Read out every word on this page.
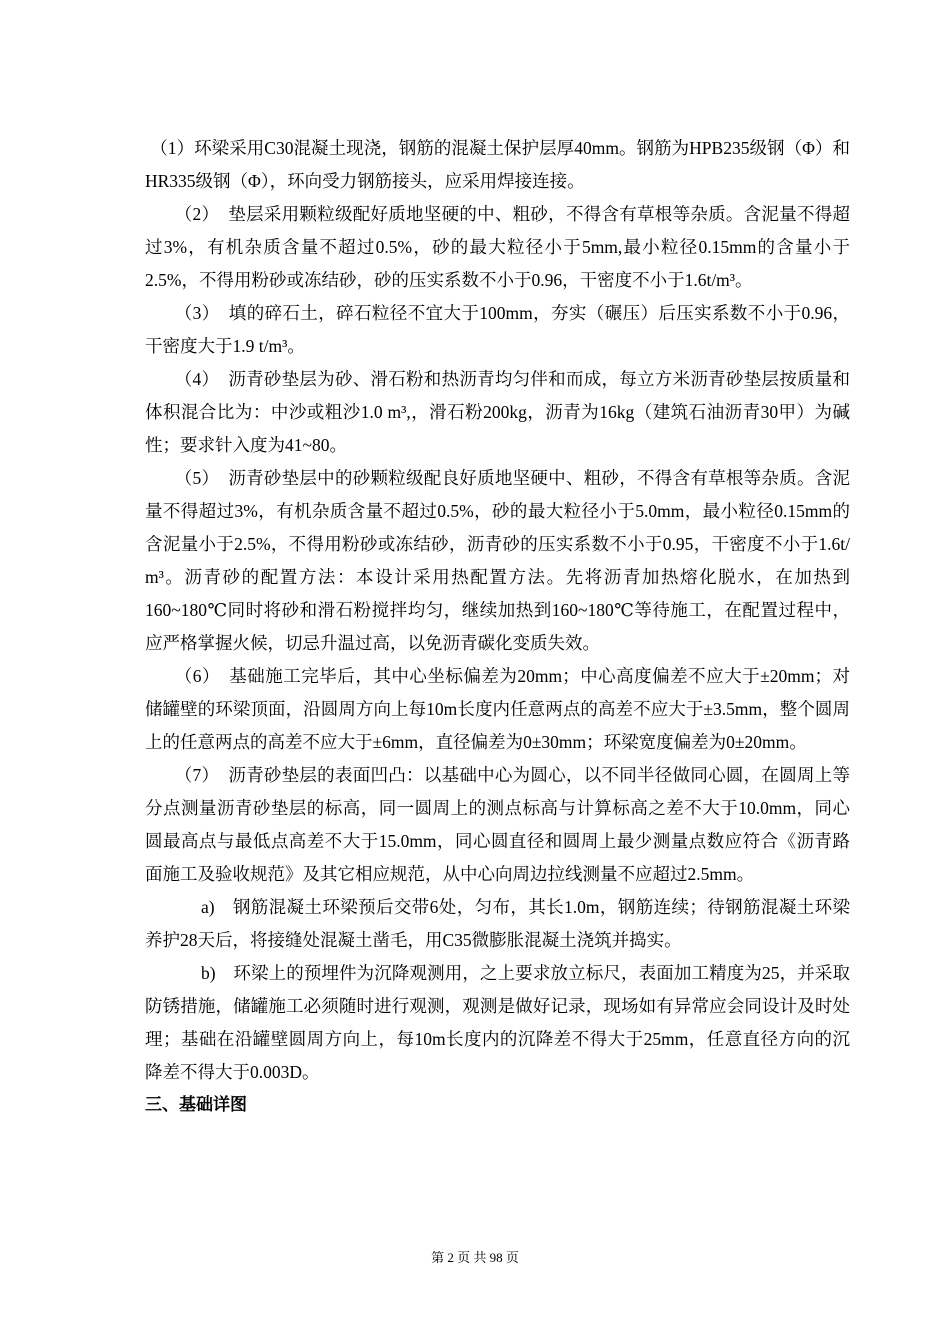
（1）环梁采用C30混凝土现浇，钢筋的混凝土保护层厚40mm。钢筋为HPB235级钢（Φ）和HR335级钢（Φ），环向受力钢筋接头，应采用焊接连接。

（2）　垫层采用颗粒级配好质地坚硬的中、粗砂，不得含有草根等杂质。含泥量不得超过3%，有机杂质含量不超过0.5%，砂的最大粒径小于5mm,最小粒径0.15mm的含量小于2.5%，不得用粉砂或冻结砂，砂的压实系数不小于0.96，干密度不小于1.6t/m³。

（3）　填的碎石土，碎石粒径不宜大于100mm，夯实（碾压）后压实系数不小于0.96，干密度大于1.9 t/m³。

（4）　沥青砂垫层为砂、滑石粉和热沥青均匀伴和而成，每立方米沥青砂垫层按质量和体积混合比为：中沙或粗沙1.0 m³,，滑石粉200kg，沥青为16kg（建筑石油沥青30甲）为碱性；要求针入度为41~80。

（5）　沥青砂垫层中的砂颗粒级配良好质地坚硬中、粗砂，不得含有草根等杂质。含泥量不得超过3%，有机杂质含量不超过0.5%，砂的最大粒径小于5.0mm，最小粒径0.15mm的含泥量小于2.5%，不得用粉砂或冻结砂，沥青砂的压实系数不小于0.95，干密度不小于1.6t/ m³。沥青砂的配置方法：本设计采用热配置方法。先将沥青加热熔化脱水，在加热到160~180℃同时将砂和滑石粉搅拌均匀，继续加热到160~180℃等待施工，在配置过程中，应严格掌握火候，切忌升温过高，以免沥青碳化变质失效。

（6）　基础施工完毕后，其中心坐标偏差为20mm；中心高度偏差不应大于±20mm；对储罐壁的环梁顶面，沿圆周方向上每10m长度内任意两点的高差不应大于±3.5mm，整个圆周上的任意两点的高差不应大于±6mm，直径偏差为0±30mm；环梁宽度偏差为0±20mm。

（7）　沥青砂垫层的表面凹凸：以基础中心为圆心，以不同半径做同心圆，在圆周上等分点测量沥青砂垫层的标高，同一圆周上的测点标高与计算标高之差不大于10.0mm，同心圆最高点与最低点高差不大于15.0mm，同心圆直径和圆周上最少测量点数应符合《沥青路面施工及验收规范》及其它相应规范，从中心向周边拉线测量不应超过2.5mm。

a)　钢筋混凝土环梁预后交带6处，匀布，其长1.0m，钢筋连续；待钢筋混凝土环梁养护28天后，将接缝处混凝土凿毛，用C35微膨胀混凝土浇筑并捣实。

b)　环梁上的预埋件为沉降观测用，之上要求放立标尺，表面加工精度为25，并采取防锈措施，储罐施工必须随时进行观测，观测是做好记录，现场如有异常应会同设计及时处理；基础在沿罐壁圆周方向上，每10m长度内的沉降差不得大于25mm，任意直径方向的沉降差不得大于0.003D。

三、基础详图

第 2 页 共 98 页
